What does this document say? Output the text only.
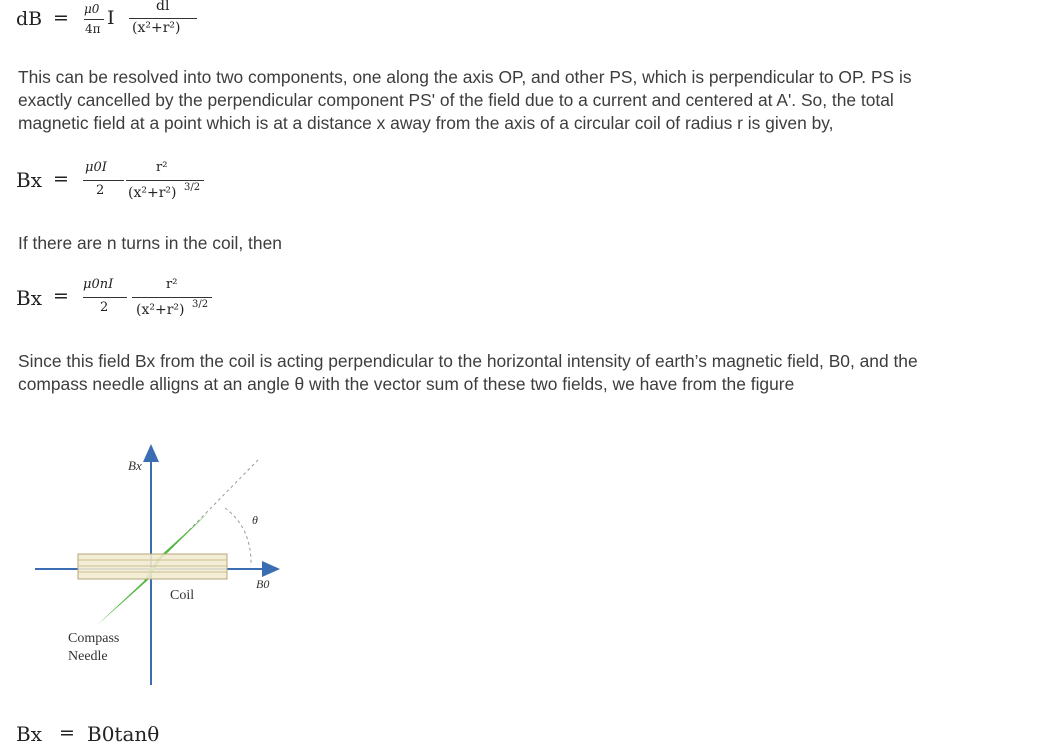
dB = μ0
4π I
dl
(x²+r²)

This can be resolved into two components, one along the axis OP, and other PS, which is perpendicular to OP. PS is
exactly cancelled by the perpendicular component PS' of the field due to a current and centered at A'. So, the total
magnetic field at a point which is at a distance x away from the axis of a circular coil of radius r is given by,

Bx =
μ0I
2
r²
(x²+r²) 3/2

If there are n turns in the coil, then

Bx =
μ0nI
2
r²
(x²+r²) 3/2

Since this field Bx from the coil is acting perpendicular to the horizontal intensity of earth’s magnetic field, B0, and the
compass needle alligns at an angle θ with the vector sum of these two fields, we have from the figure

Bx
θ
B0
Coil
Compass
Needle
Bx = B0tanθ
